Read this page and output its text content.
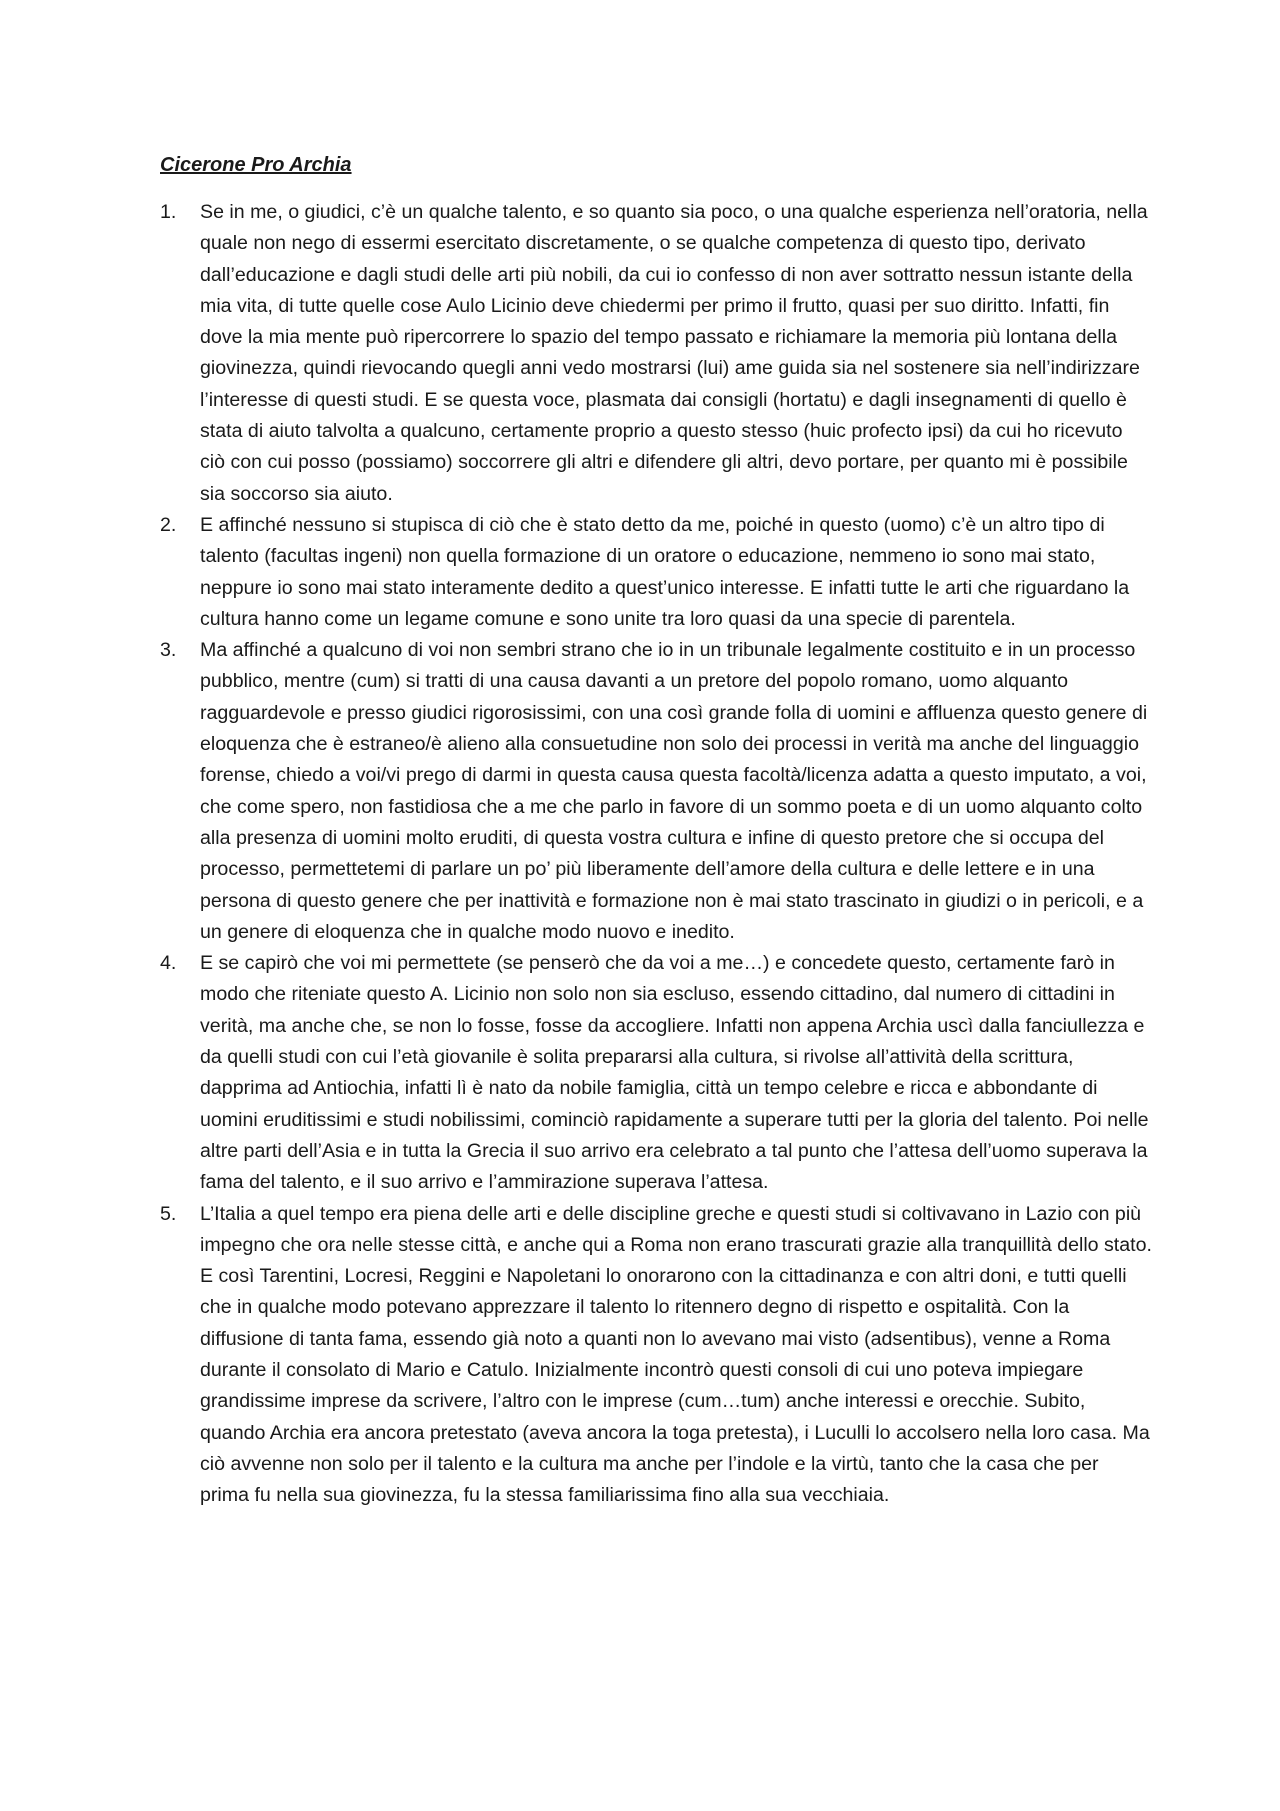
Cicerone Pro Archia
1. Se in me, o giudici, c’è un qualche talento, e so quanto sia poco, o una qualche esperienza nell’oratoria, nella quale non nego di essermi esercitato discretamente, o se qualche competenza di questo tipo, derivato dall’educazione e dagli studi delle arti più nobili, da cui io confesso di non aver sottratto nessun istante della mia vita, di tutte quelle cose Aulo Licinio deve chiedermi per primo il frutto, quasi per suo diritto. Infatti, fin dove la mia mente può ripercorrere lo spazio del tempo passato e richiamare la memoria più lontana della giovinezza, quindi rievocando quegli anni vedo mostrarsi (lui) ame guida sia nel sostenere sia nell’indirizzare l’interesse di questi studi. E se questa voce, plasmata dai consigli (hortatu) e dagli insegnamenti di quello è stata di aiuto talvolta a qualcuno, certamente proprio a questo stesso (huic profecto ipsi) da cui ho ricevuto ciò con cui posso (possiamo) soccorrere gli altri e difendere gli altri, devo portare, per quanto mi è possibile sia soccorso sia aiuto.
2. E affinché nessuno si stupisca di ciò che è stato detto da me, poiché in questo (uomo) c’è un altro tipo di talento (facultas ingeni) non quella formazione di un oratore o educazione, nemmeno io sono mai stato, neppure io sono mai stato interamente dedito a quest’unico interesse. E infatti tutte le arti che riguardano la cultura hanno come un legame comune e sono unite tra loro quasi da una specie di parentela.
3. Ma affinché a qualcuno di voi non sembri strano che io in un tribunale legalmente costituito e in un processo pubblico, mentre (cum) si tratti di una causa davanti a un pretore del popolo romano, uomo alquanto ragguardevole e presso giudici rigorosissimi, con una così grande folla di uomini e affluenza questo genere di eloquenza che è estraneo/è alieno alla consuetudine non solo dei processi in verità ma anche del linguaggio forense, chiedo a voi/vi prego di darmi in questa causa questa facoltà/licenza adatta a questo imputato, a voi, che come spero, non fastidiosa che a me che parlo in favore di un sommo poeta e di un uomo alquanto colto alla presenza di uomini molto eruditi, di questa vostra cultura e infine di questo pretore che si occupa del processo, permettetemi di parlare un po’ più liberamente dell’amore della cultura e delle lettere e in una persona di questo genere che per inattività e formazione non è mai stato trascinato in giudizi o in pericoli, e a un genere di eloquenza che in qualche modo nuovo e inedito.
4. E se capirò che voi mi permettete (se penserò che da voi a me…) e concedete questo, certamente farò in modo che riteniate questo A. Licinio non solo non sia escluso, essendo cittadino, dal numero di cittadini in verità, ma anche che, se non lo fosse, fosse da accogliere. Infatti non appena Archia uscì dalla fanciullezza e da quelli studi con cui l’età giovanile è solita prepararsi alla cultura, si rivolse all’attività della scrittura, dapprima ad Antiochia, infatti lì è nato da nobile famiglia, città un tempo celebre e ricca e abbondante di uomini eruditissimi e studi nobilissimi, cominciò rapidamente a superare tutti per la gloria del talento. Poi nelle altre parti dell’Asia e in tutta la Grecia il suo arrivo era celebrato a tal punto che l’attesa dell’uomo superava la fama del talento, e il suo arrivo e l’ammirazione superava l’attesa.
5. L’Italia a quel tempo era piena delle arti e delle discipline greche e questi studi si coltivavano in Lazio con più impegno che ora nelle stesse città, e anche qui a Roma non erano trascurati grazie alla tranquillità dello stato. E così Tarentini, Locresi, Reggini e Napoletani lo onorarono con la cittadinanza e con altri doni, e tutti quelli che in qualche modo potevano apprezzare il talento lo ritennero degno di rispetto e ospitalità. Con la diffusione di tanta fama, essendo già noto a quanti non lo avevano mai visto (adsentibus), venne a Roma durante il consolato di Mario e Catulo. Inizialmente incontrò questi consoli di cui uno poteva impiegare grandissime imprese da scrivere, l’altro con le imprese (cum…tum) anche interessi e orecchie. Subito, quando Archia era ancora pretestato (aveva ancora la toga pretesta), i Luculli lo accolsero nella loro casa. Ma ciò avvenne non solo per il talento e la cultura ma anche per l’indole e la virtù, tanto che la casa che per prima fu nella sua giovinezza, fu la stessa familiarissima fino alla sua vecchiaia.
